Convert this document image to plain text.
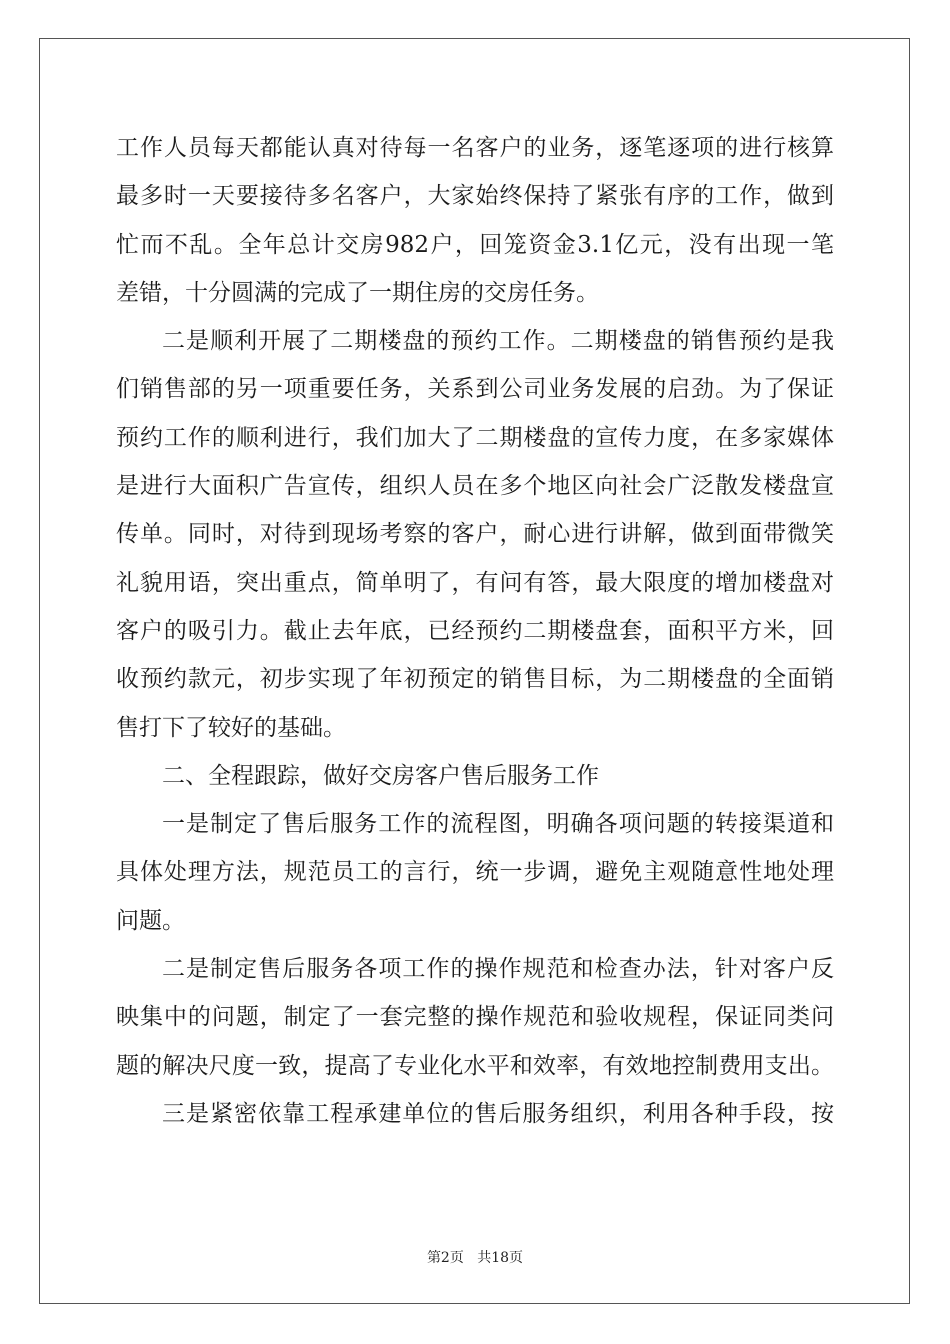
工作人员每天都能认真对待每一名客户的业务，逐笔逐项的进行核算
最多时一天要接待多名客户，大家始终保持了紧张有序的工作，做到
忙而不乱。全年总计交房982户，回笼资金3.1亿元，没有出现一笔
差错，十分圆满的完成了一期住房的交房任务。
二是顺利开展了二期楼盘的预约工作。二期楼盘的销售预约是我
们销售部的另一项重要任务，关系到公司业务发展的启劲。为了保证
预约工作的顺利进行，我们加大了二期楼盘的宣传力度，在多家媒体
是进行大面积广告宣传，组织人员在多个地区向社会广泛散发楼盘宣
传单。同时，对待到现场考察的客户，耐心进行讲解，做到面带微笑
礼貌用语，突出重点，简单明了，有问有答，最大限度的增加楼盘对
客户的吸引力。截止去年底，已经预约二期楼盘套，面积平方米，回
收预约款元，初步实现了年初预定的销售目标，为二期楼盘的全面销
售打下了较好的基础。
二、全程跟踪，做好交房客户售后服务工作
一是制定了售后服务工作的流程图，明确各项问题的转接渠道和
具体处理方法，规范员工的言行，统一步调，避免主观随意性地处理
问题。
二是制定售后服务各项工作的操作规范和检查办法，针对客户反
映集中的问题，制定了一套完整的操作规范和验收规程，保证同类问
题的解决尺度一致，提高了专业化水平和效率，有效地控制费用支出。
三是紧密依靠工程承建单位的售后服务组织，利用各种手段，按
第2页 共18页
